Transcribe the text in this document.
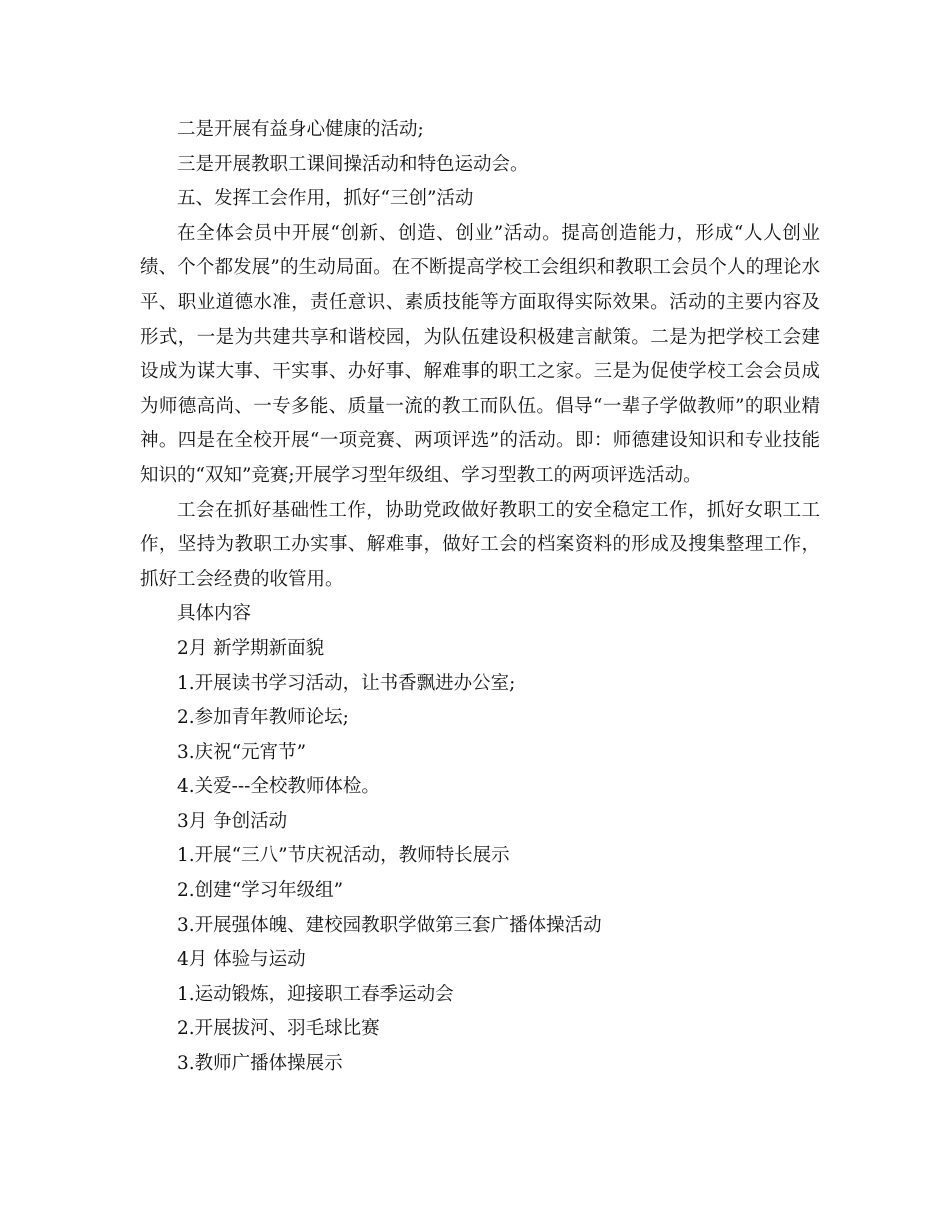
二是开展有益身心健康的活动;

三是开展教职工课间操活动和特色运动会。

五、发挥工会作用，抓好“三创”活动

在全体会员中开展“创新、创造、创业”活动。提高创造能力，形成“人人创业绩、个个都发展”的生动局面。在不断提高学校工会组织和教职工会员个人的理论水平、职业道德水准，责任意识、素质技能等方面取得实际效果。活动的主要内容及形式，一是为共建共享和谐校园，为队伍建设积极建言献策。二是为把学校工会建设成为谋大事、干实事、办好事、解难事的职工之家。三是为促使学校工会会员成为师德高尚、一专多能、质量一流的教工而队伍。倡导“一辈子学做教师”的职业精神。四是在全校开展“一项竞赛、两项评选”的活动。即：师德建设知识和专业技能知识的“双知”竞赛;开展学习型年级组、学习型教工的两项评选活动。

工会在抓好基础性工作，协助党政做好教职工的安全稳定工作，抓好女职工工作，坚持为教职工办实事、解难事，做好工会的档案资料的形成及搜集整理工作，抓好工会经费的收管用。

具体内容

2月 新学期新面貌

1.开展读书学习活动，让书香飘进办公室;

2.参加青年教师论坛;

3.庆祝“元宵节”

4.关爱---全校教师体检。

3月 争创活动

1.开展“三八”节庆祝活动，教师特长展示

2.创建“学习年级组”

3.开展强体魄、建校园教职学做第三套广播体操活动

4月 体验与运动

1.运动锻炼，迎接职工春季运动会

2.开展拔河、羽毛球比赛

3.教师广播体操展示
